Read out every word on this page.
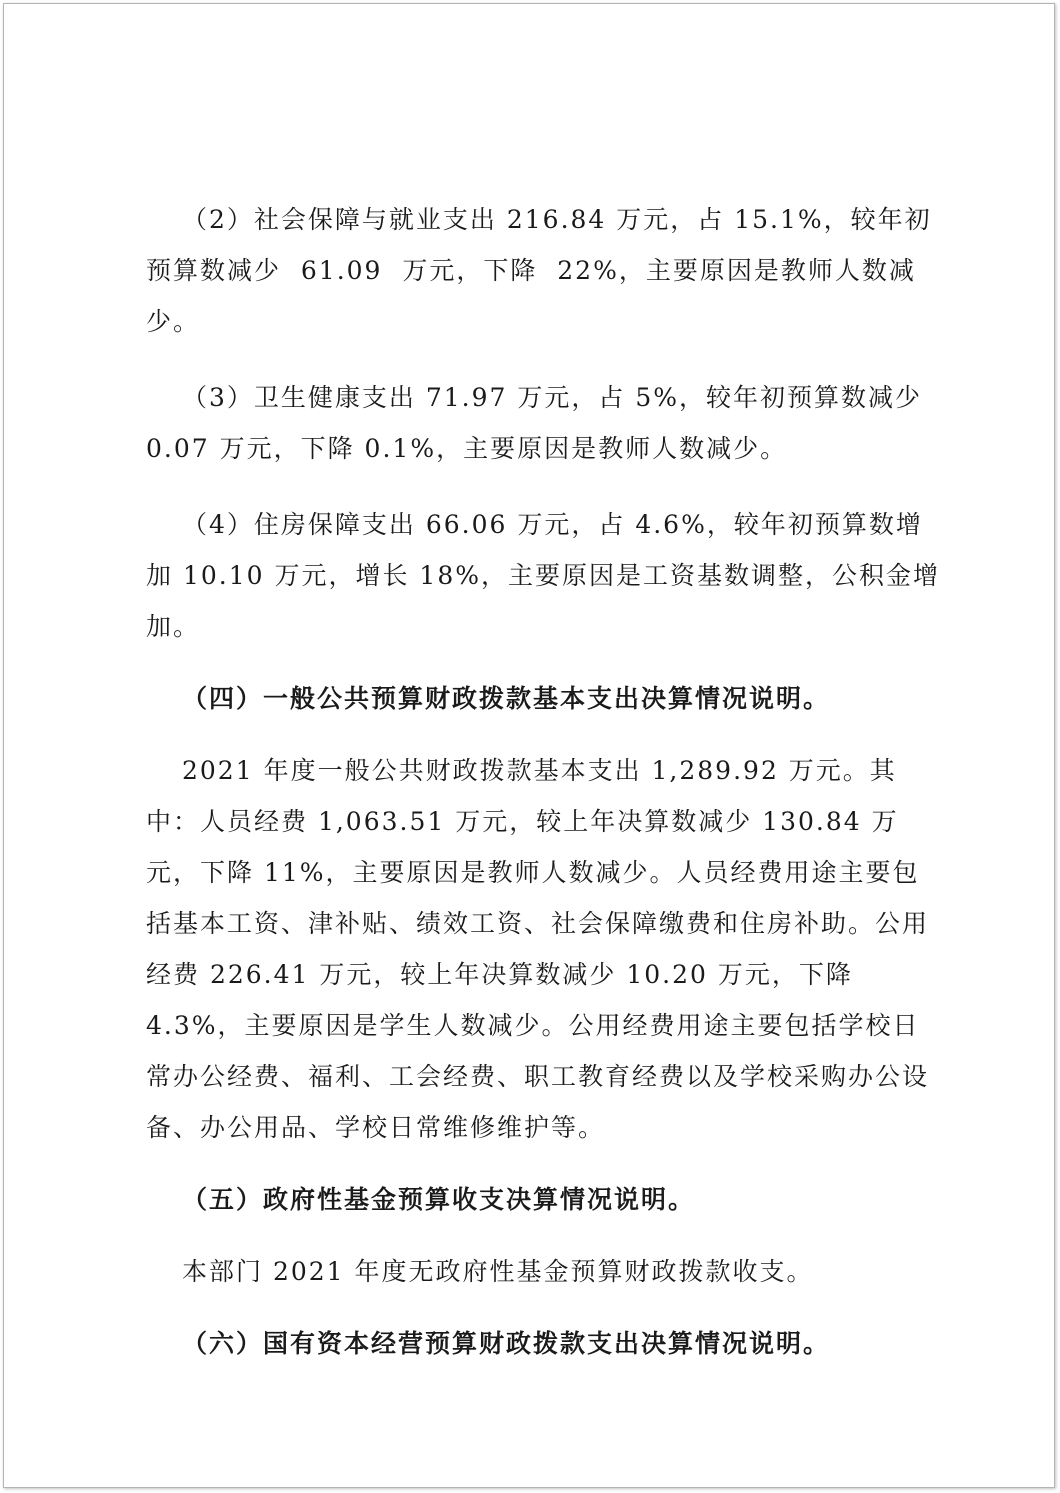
（2）社会保障与就业支出 216.84 万元，占 15.1%，较年初预算数减少  61.09  万元，下降  22%，主要原因是教师人数减少。

（3）卫生健康支出 71.97 万元，占 5%，较年初预算数减少 0.07 万元，下降 0.1%，主要原因是教师人数减少。

（4）住房保障支出 66.06 万元，占 4.6%，较年初预算数增加 10.10 万元，增长 18%，主要原因是工资基数调整，公积金增加。

（四）一般公共预算财政拨款基本支出决算情况说明。

2021 年度一般公共财政拨款基本支出 1,289.92 万元。其中：人员经费 1,063.51 万元，较上年决算数减少 130.84 万元，下降 11%，主要原因是教师人数减少。人员经费用途主要包括基本工资、津补贴、绩效工资、社会保障缴费和住房补助。公用经费 226.41 万元，较上年决算数减少 10.20 万元，下降 4.3%，主要原因是学生人数减少。公用经费用途主要包括学校日常办公经费、福利、工会经费、职工教育经费以及学校采购办公设备、办公用品、学校日常维修维护等。

（五）政府性基金预算收支决算情况说明。

本部门 2021 年度无政府性基金预算财政拨款收支。

（六）国有资本经营预算财政拨款支出决算情况说明。
